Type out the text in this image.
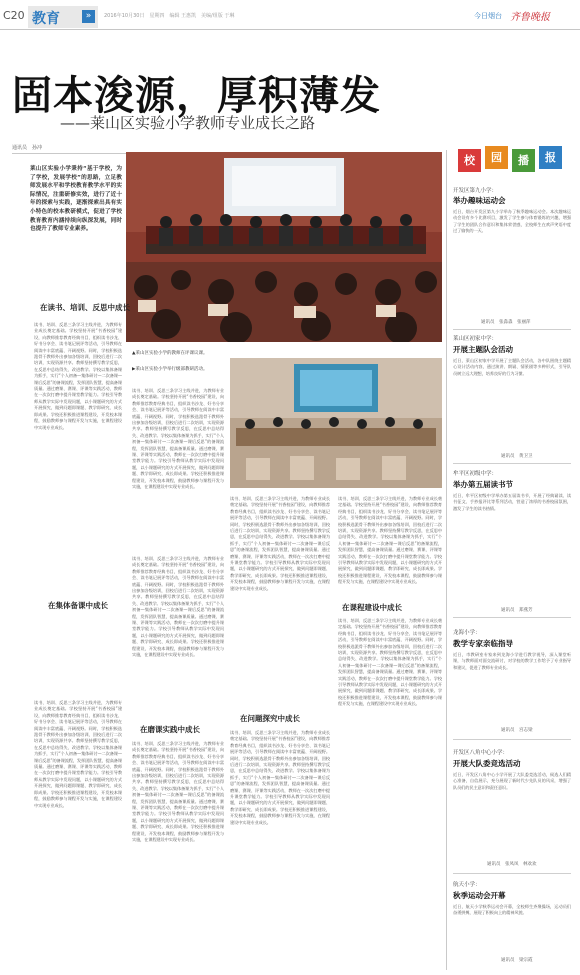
C20 教育	»	2016年10月30日　星期四　编辑 王惠凯　美编/组版 于琳	今日烟台 齐鲁晚报
固本浚源，厚积薄发
——莱山区实验小学教师专业成长之路
通讯员　孙冲
莱山区实验小学秉持“基于学校，为了学校，发展学校”的思路，立足教师发展水平和学校教育教学水平的实际情况，注重研修实效，进行了近十年的探索与实践，逐渐探索出具有实小特色的校本教研模式，促进了学校教育教育内涵持续向纵深发展，同时也提升了教师专业素养。
在读书、培训、反思中成长
读书、培训、反思三条学习主线并进，为教师专业成长奠定基础。学校坚持开展“书香校园”建设，向教师推荐教育经典书目，组织读书沙龙、好书分享会、读书笔记展评等活动，引导教师在阅读中丰富底蕴、开阔视野。同时，学校积极选派骨干教师外出参加各级培训，回校后进行二次培训，实现资源共享。教师坚持撰写教学反思，在反思中总结得失、改进教学。学校以集体备课为抓手，实行“个人初备—集体研讨—二次备课—课后反思”的备课流程，发挥团队智慧，提高备课质量。通过磨课、赛课、评课等实践活动，教师在一次次打磨中提升课堂教学能力。学校引导教师从教学实际中发现问题，以小课题研究的方式开展探究，做到问题即课题、教学即研究、成长即成果。学校还积极推进课程建设，开发校本课程，鼓励教师参与课程开发与实施，在课程建设中实现专业成长。
读书、培训、反思三条学习主线并进，为教师专业成长奠定基础。学校坚持开展“书香校园”建设，向教师推荐教育经典书目，组织读书沙龙、好书分享会、读书笔记展评等活动，引导教师在阅读中丰富底蕴、开阔视野。同时，学校积极选派骨干教师外出参加各级培训，回校后进行二次培训，实现资源共享。教师坚持撰写教学反思，在反思中总结得失、改进教学。学校以集体备课为抓手，实行“个人初备—集体研讨—二次备课—课后反思”的备课流程，发挥团队智慧，提高备课质量。通过磨课、赛课、评课等实践活动，教师在一次次打磨中提升课堂教学能力。学校引导教师从教学实际中发现问题，以小课题研究的方式开展探究，做到问题即课题、教学即研究、成长即成果。学校还积极推进课程建设，开发校本课程，鼓励教师参与课程开发与实施，在课程建设中实现专业成长。
▲莱山区实验小学的教师在评课议课。
▶莱山区实验小学举行级部教研活动。
读书、培训、反思三条学习主线并进，为教师专业成长奠定基础。学校坚持开展“书香校园”建设，向教师推荐教育经典书目，组织读书沙龙、好书分享会、读书笔记展评等活动，引导教师在阅读中丰富底蕴、开阔视野。同时，学校积极选派骨干教师外出参加各级培训，回校后进行二次培训，实现资源共享。教师坚持撰写教学反思，在反思中总结得失、改进教学。学校以集体备课为抓手，实行“个人初备—集体研讨—二次备课—课后反思”的备课流程，发挥团队智慧，提高备课质量。通过磨课、赛课、评课等实践活动，教师在一次次打磨中提升课堂教学能力。学校引导教师从教学实际中发现问题，以小课题研究的方式开展探究，做到问题即课题、教学即研究、成长即成果。学校还积极推进课程建设，开发校本课程，鼓励教师参与课程开发与实施，在课程建设中实现专业成长。
读书、培训、反思三条学习主线并进，为教师专业成长奠定基础。学校坚持开展“书香校园”建设，向教师推荐教育经典书目，组织读书沙龙、好书分享会、读书笔记展评等活动，引导教师在阅读中丰富底蕴、开阔视野。同时，学校积极选派骨干教师外出参加各级培训，回校后进行二次培训，实现资源共享。教师坚持撰写教学反思，在反思中总结得失、改进教学。学校以集体备课为抓手，实行“个人初备—集体研讨—二次备课—课后反思”的备课流程，发挥团队智慧，提高备课质量。通过磨课、赛课、评课等实践活动，教师在一次次打磨中提升课堂教学能力。学校引导教师从教学实际中发现问题，以小课题研究的方式开展探究，做到问题即课题、教学即研究、成长即成果。学校还积极推进课程建设，开发校本课程，鼓励教师参与课程开发与实施，在课程建设中实现专业成长。
读书、培训、反思三条学习主线并进，为教师专业成长奠定基础。学校坚持开展“书香校园”建设，向教师推荐教育经典书目，组织读书沙龙、好书分享会、读书笔记展评等活动，引导教师在阅读中丰富底蕴、开阔视野。同时，学校积极选派骨干教师外出参加各级培训，回校后进行二次培训，实现资源共享。教师坚持撰写教学反思，在反思中总结得失、改进教学。学校以集体备课为抓手，实行“个人初备—集体研讨—二次备课—课后反思”的备课流程，发挥团队智慧，提高备课质量。通过磨课、赛课、评课等实践活动，教师在一次次打磨中提升课堂教学能力。学校引导教师从教学实际中发现问题，以小课题研究的方式开展探究，做到问题即课题、教学即研究、成长即成果。学校还积极推进课程建设，开发校本课程，鼓励教师参与课程开发与实施，在课程建设中实现专业成长。
在集体备课中成长
读书、培训、反思三条学习主线并进，为教师专业成长奠定基础。学校坚持开展“书香校园”建设，向教师推荐教育经典书目，组织读书沙龙、好书分享会、读书笔记展评等活动，引导教师在阅读中丰富底蕴、开阔视野。同时，学校积极选派骨干教师外出参加各级培训，回校后进行二次培训，实现资源共享。教师坚持撰写教学反思，在反思中总结得失、改进教学。学校以集体备课为抓手，实行“个人初备—集体研讨—二次备课—课后反思”的备课流程，发挥团队智慧，提高备课质量。通过磨课、赛课、评课等实践活动，教师在一次次打磨中提升课堂教学能力。学校引导教师从教学实际中发现问题，以小课题研究的方式开展探究，做到问题即课题、教学即研究、成长即成果。学校还积极推进课程建设，开发校本课程，鼓励教师参与课程开发与实施，在课程建设中实现专业成长。
在课程建设中成长
读书、培训、反思三条学习主线并进，为教师专业成长奠定基础。学校坚持开展“书香校园”建设，向教师推荐教育经典书目，组织读书沙龙、好书分享会、读书笔记展评等活动，引导教师在阅读中丰富底蕴、开阔视野。同时，学校积极选派骨干教师外出参加各级培训，回校后进行二次培训，实现资源共享。教师坚持撰写教学反思，在反思中总结得失、改进教学。学校以集体备课为抓手，实行“个人初备—集体研讨—二次备课—课后反思”的备课流程，发挥团队智慧，提高备课质量。通过磨课、赛课、评课等实践活动，教师在一次次打磨中提升课堂教学能力。学校引导教师从教学实际中发现问题，以小课题研究的方式开展探究，做到问题即课题、教学即研究、成长即成果。学校还积极推进课程建设，开发校本课程，鼓励教师参与课程开发与实施，在课程建设中实现专业成长。
在问题探究中成长
读书、培训、反思三条学习主线并进，为教师专业成长奠定基础。学校坚持开展“书香校园”建设，向教师推荐教育经典书目，组织读书沙龙、好书分享会、读书笔记展评等活动，引导教师在阅读中丰富底蕴、开阔视野。同时，学校积极选派骨干教师外出参加各级培训，回校后进行二次培训，实现资源共享。教师坚持撰写教学反思，在反思中总结得失、改进教学。学校以集体备课为抓手，实行“个人初备—集体研讨—二次备课—课后反思”的备课流程，发挥团队智慧，提高备课质量。通过磨课、赛课、评课等实践活动，教师在一次次打磨中提升课堂教学能力。学校引导教师从教学实际中发现问题，以小课题研究的方式开展探究，做到问题即课题、教学即研究、成长即成果。学校还积极推进课程建设，开发校本课程，鼓励教师参与课程开发与实施，在课程建设中实现专业成长。
在磨课实践中成长
读书、培训、反思三条学习主线并进，为教师专业成长奠定基础。学校坚持开展“书香校园”建设，向教师推荐教育经典书目，组织读书沙龙、好书分享会、读书笔记展评等活动，引导教师在阅读中丰富底蕴、开阔视野。同时，学校积极选派骨干教师外出参加各级培训，回校后进行二次培训，实现资源共享。教师坚持撰写教学反思，在反思中总结得失、改进教学。学校以集体备课为抓手，实行“个人初备—集体研讨—二次备课—课后反思”的备课流程，发挥团队智慧，提高备课质量。通过磨课、赛课、评课等实践活动，教师在一次次打磨中提升课堂教学能力。学校引导教师从教学实际中发现问题，以小课题研究的方式开展探究，做到问题即课题、教学即研究、成长即成果。学校还积极推进课程建设，开发校本课程，鼓励教师参与课程开发与实施，在课程建设中实现专业成长。
校	园	播	报
开发区第九小学：
举办趣味运动会
近日，烟台开发区第九小学举办了秋季趣味运动会。本次趣味运动会设有多个比赛项目，激发了学生参与体育锻炼的兴趣，增强了学生的团队合作意识和集体荣誉感，全校师生在欢声笑语中度过了愉快的一天。
通讯员　张淼淼　张丽萍
莱山区初家中学：
开展主题队会活动
近日，莱山区初家中学开展了主题队会活动，各中队围绕主题精心设计活动内容，通过演讲、朗诵、情景剧等多种形式，引导队员树立远大理想，培养良好的行为习惯。
通讯员　黄卫卫
牟平区初级中学：
举办第五届读书节
近日，牟平区初级中学举办第五届读书节，开展了经典诵读、读书征文、手抄报评比等系列活动，营造了浓厚的书香校园氛围，激发了学生的读书热情。
通讯员　郑燕芳
龙海小学：
教学专家亲临指导
近日，市教研室专家来到龙海小学进行教学视导，深入课堂听课，与教师面对面交流研讨，对学校的教学工作给予了专业指导和建议，促进了教师专业成长。
通讯员　宫志梁
开发区八角中心小学：
开展大队委竞选活动
近日，开发区八角中心小学开展了大队委竞选活动，候选人们精心准备，自信展示，充分展现了新时代少先队员的风采，增强了队员们的民主意识和责任意识。
通讯员　张凤凤　林欢欢
航天小学：
秋季运动会开幕
近日，航天小学秋季运动会开幕，全校师生齐聚操场，运动员们奋勇拼搏，展现了积极向上的精神风貌。
通讯员　梁宗霞
